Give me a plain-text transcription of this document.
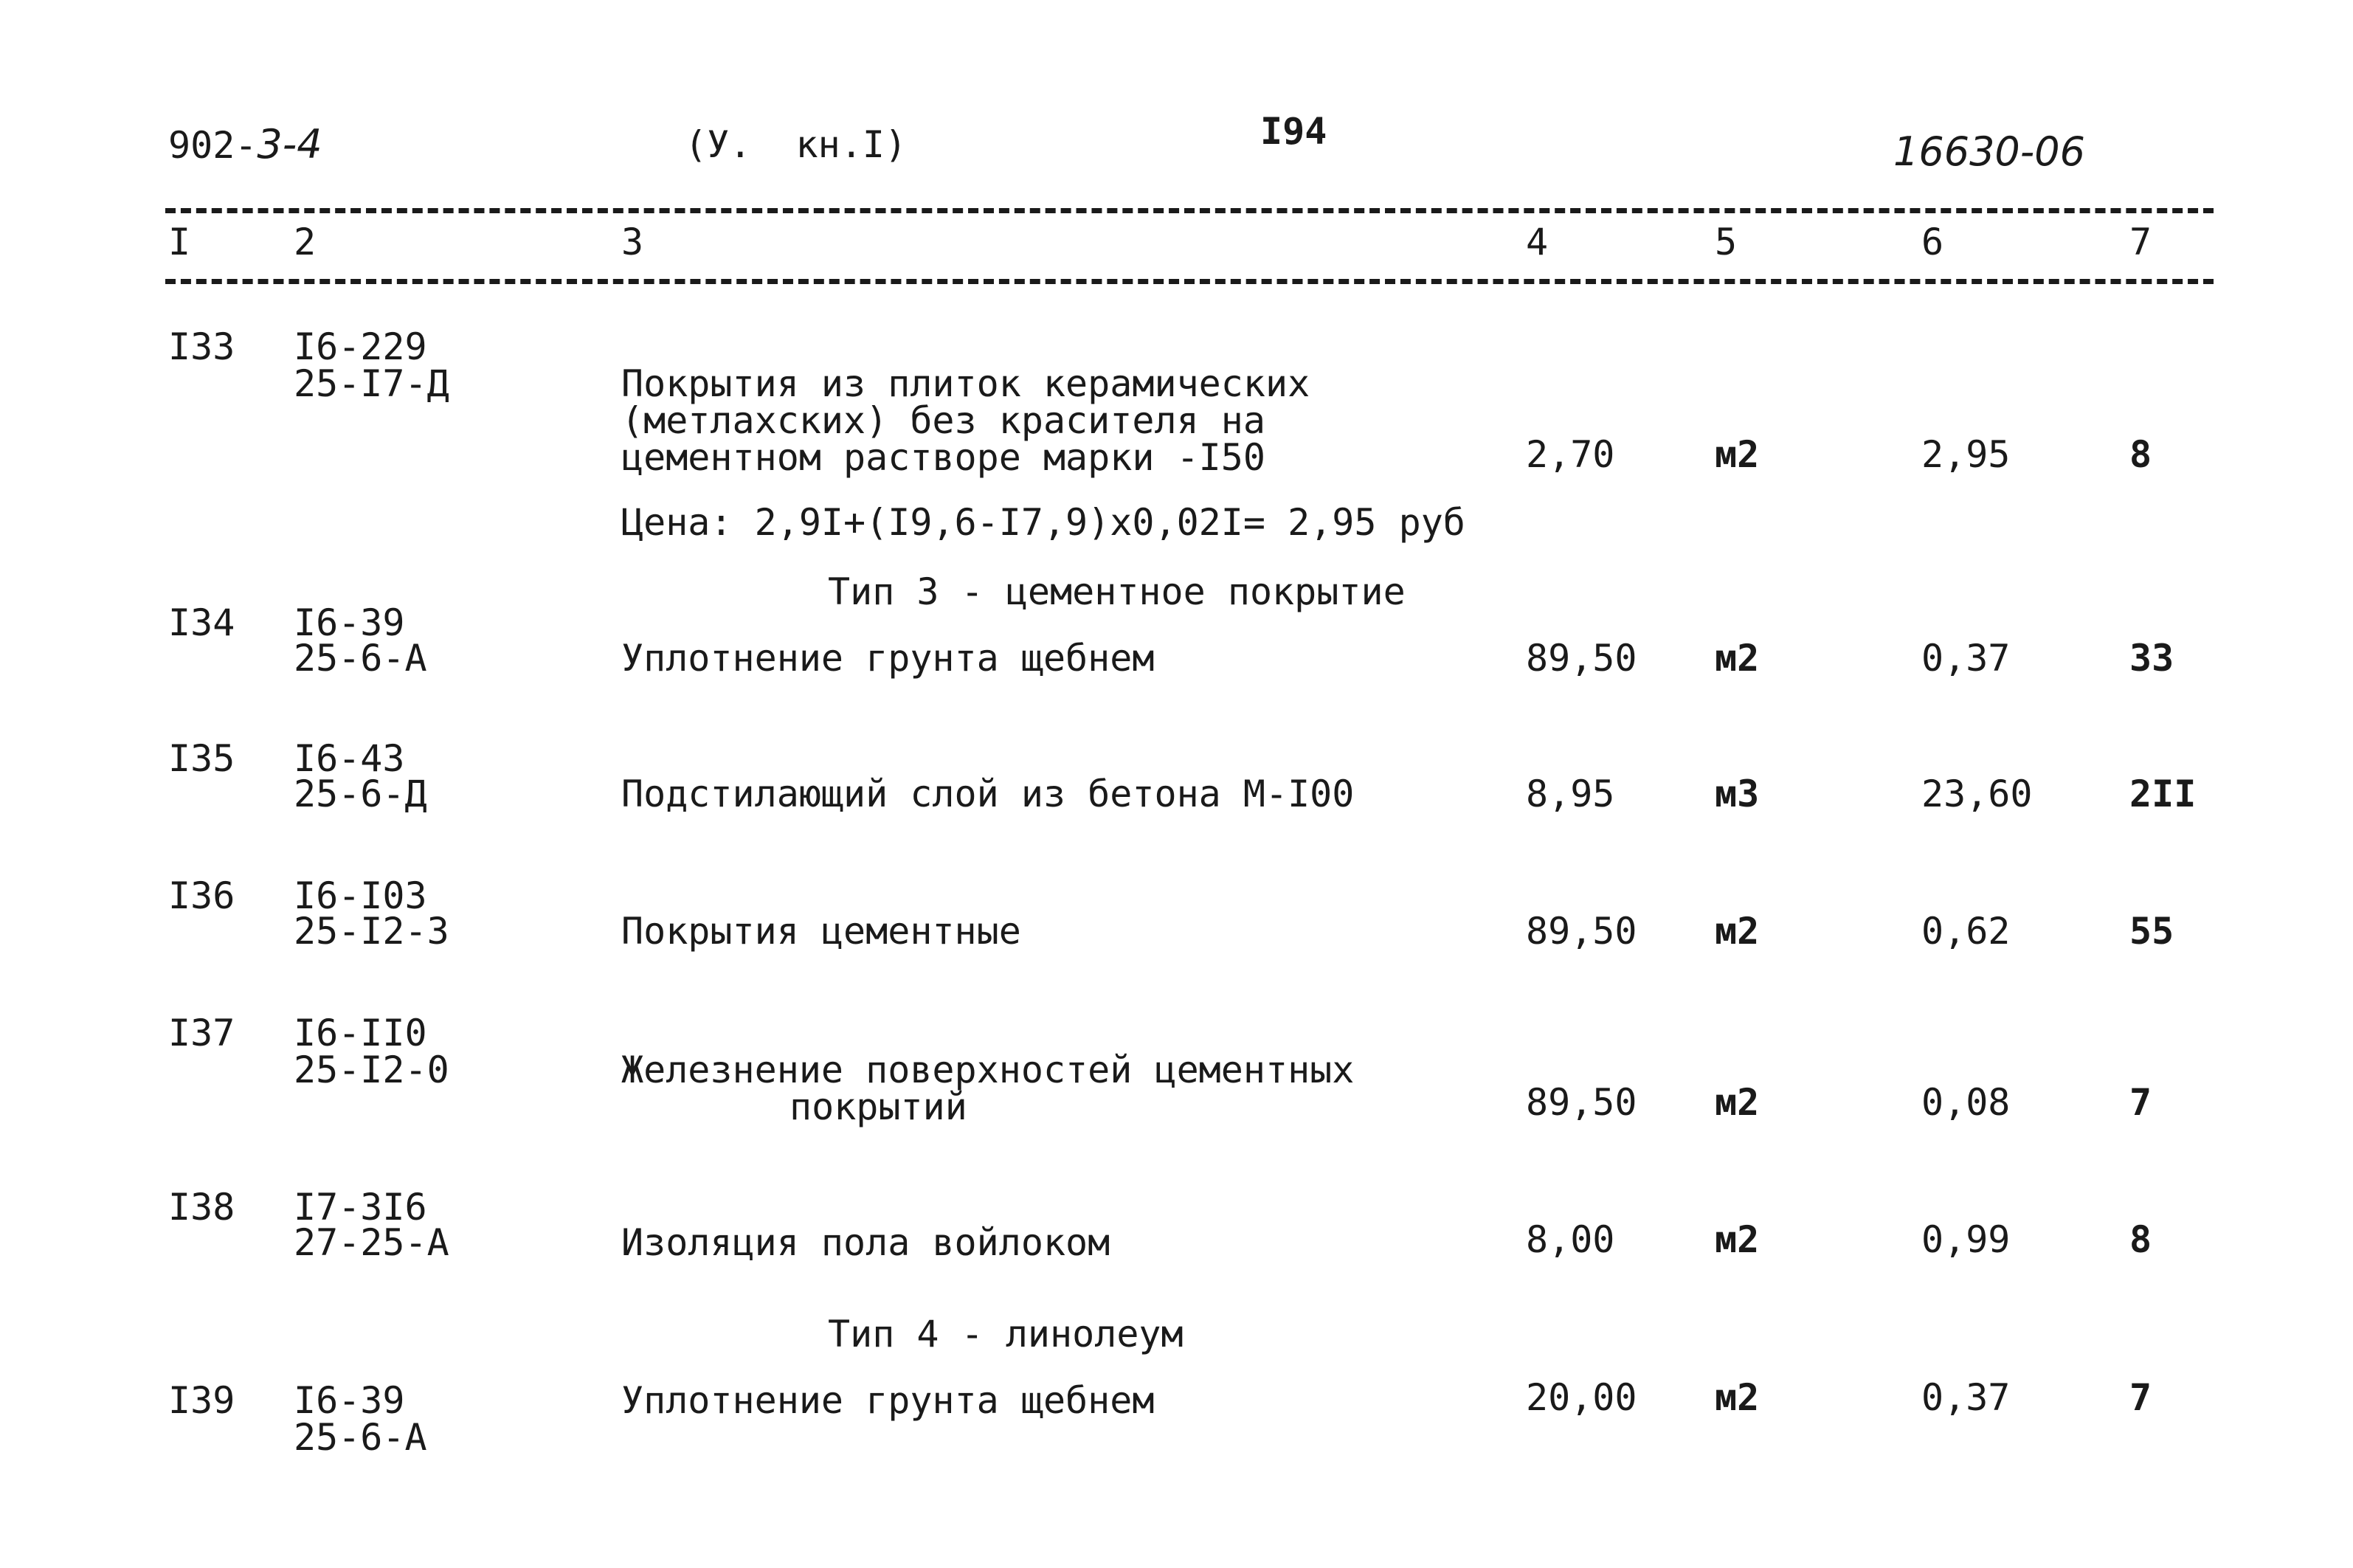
902-3-4	(У.  кн.I)	I94	16630-06
I	2	3	4	5	6	7
I33 I6-229
25-I7-Д	Покрытия из плиток керамических
(метлахских) без красителя на
цементном растворе марки -I50	2,70	м2	2,95	8
Цена: 2,9I+(I9,6-I7,9)x0,02I= 2,95 руб
Тип 3 - цементное покрытие
I34 I6-39
25-6-А	Уплотнение грунта щебнем	89,50 м2	0,37	33
I35 I6-43
25-6-Д	Подстилающий слой из бетона М-I00	8,95	м3	23,60	2II
I36 I6-I03
25-I2-3	Покрытия цементные	89,50 м2	0,62	55
I37 I6-II0
25-I2-0	Железнение поверхностей цементных
покрытий	89,50 м2	0,08	7
I38 I7-3I6
27-25-А	Изоляция пола войлоком	8,00	м2	0,99	8
Тип 4 - линолеум
I39 I6-39
25-6-А
Уплотнение грунта щебнем	20,00 м2	0,37	7
